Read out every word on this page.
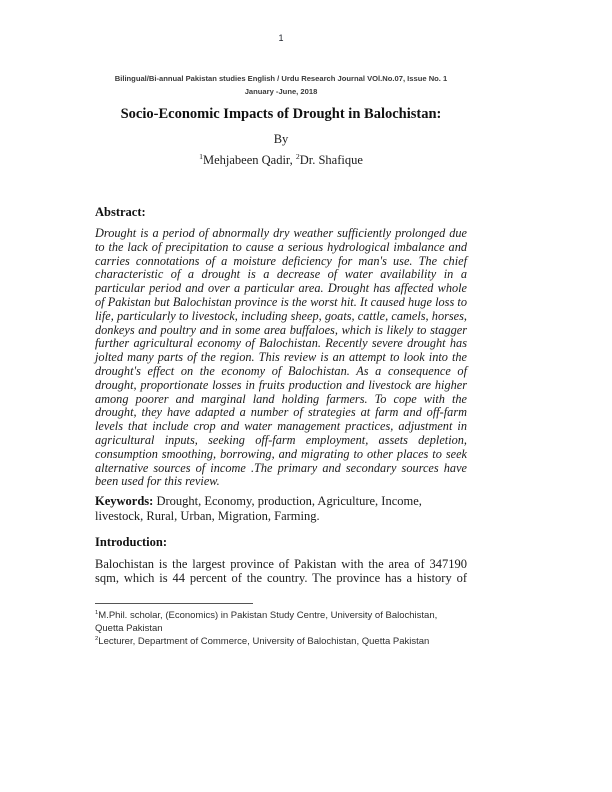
1
Bilingual/Bi-annual Pakistan studies English / Urdu Research Journal VOl.No.07, Issue No. 1
January -June, 2018
Socio-Economic Impacts of Drought in Balochistan:
By
$^1$Mehjabeen Qadir, $^2$Dr. Shafique
Abstract:
Drought is a period of abnormally dry weather sufficiently prolonged due to the lack of precipitation to cause a serious hydrological imbalance and carries connotations of a moisture deficiency for man's use. The chief characteristic of a drought is a decrease of water availability in a particular period and over a particular area. Drought has affected whole of Pakistan but Balochistan province is the worst hit. It caused huge loss to life, particularly to livestock, including sheep, goats, cattle, camels, horses, donkeys and poultry and in some area buffaloes, which is likely to stagger further agricultural economy of Balochistan. Recently severe drought has jolted many parts of the region. This review is an attempt to look into the drought's effect on the economy of Balochistan. As a consequence of drought, proportionate losses in fruits production and livestock are higher among poorer and marginal land holding farmers. To cope with the drought, they have adapted a number of strategies at farm and off-farm levels that include crop and water management practices, adjustment in agricultural inputs, seeking off-farm employment, assets depletion, consumption smoothing, borrowing, and migrating to other places to seek alternative sources of income .The primary and secondary sources have been used for this review.
Keywords: Drought, Economy, production, Agriculture, Income, livestock, Rural, Urban, Migration, Farming.
Introduction:
Balochistan is the largest province of Pakistan with the area of 347190 sqm, which is 44 percent of the country. The province has a history of
$^1$M.Phil. scholar, (Economics) in Pakistan Study Centre, University of Balochistan, Quetta Pakistan
$^2$Lecturer, Department of Commerce, University of Balochistan, Quetta Pakistan
